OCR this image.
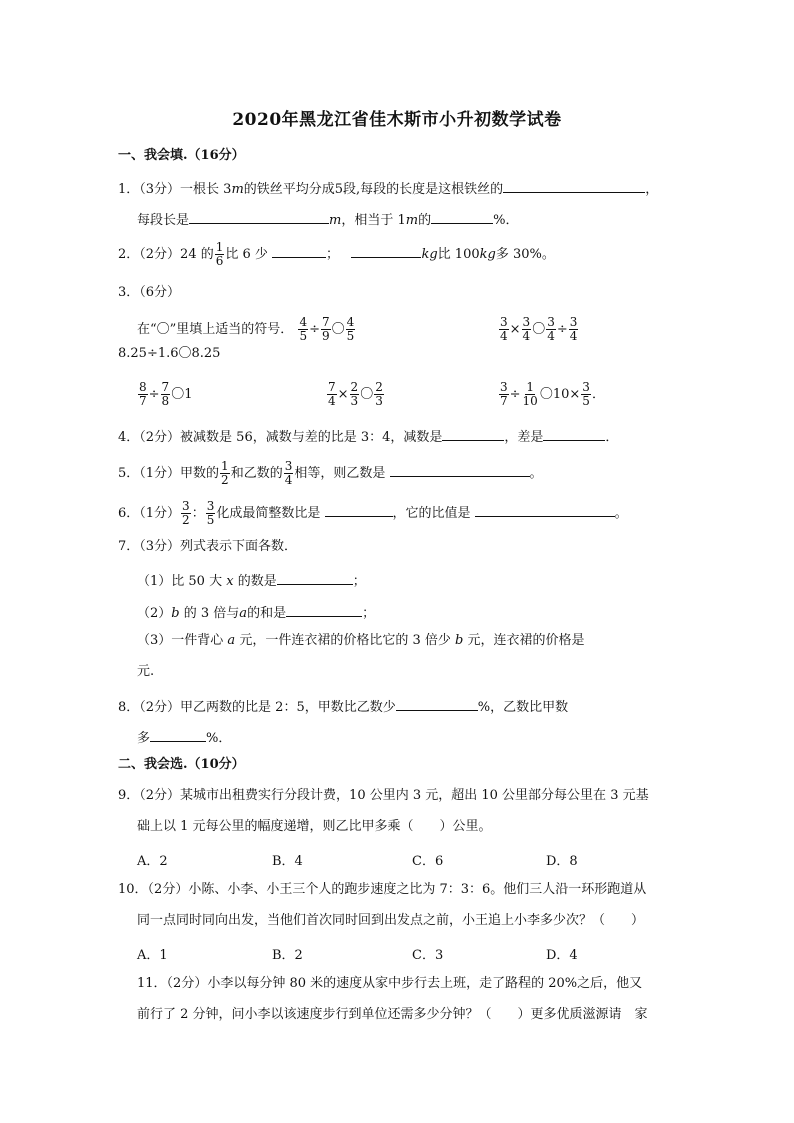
2020年黑龙江省佳木斯市小升初数学试卷
一、我会填.（16分）
1．（3分）一根长 3m的铁丝平均分成5段,每段的长度是这根铁丝的	，
每段长是	m，相当于 1m的	%．
2．（2分）24 的 $\frac{1}{6}$ 比 6 少	；	kg比 100kg多 30%。
3．（6分）
在“〇”里填上适当的符号． $\frac{4}{5} \div \frac{7}{9}$ 〇 $\frac{4}{5}$	$\frac{3}{4} \times \frac{3}{4}$ 〇 $\frac{3}{4} \div \frac{3}{4}$
8.25÷1.6〇8.25
$\frac{8}{7} \div \frac{7}{8}$ 〇1	$\frac{7}{4} \times \frac{2}{3}$ 〇 $\frac{2}{3}$	$\frac{3}{7} \div \frac{1}{10}$ 〇$10\times \frac{3}{5}$ ．
4．（2分）被减数是 56，减数与差的比是 3：4，减数是	，差是	．
5．（1分）甲数的 $\frac{1}{2}$ 和乙数的 $\frac{3}{4}$ 相等，则乙数是	。
6．（1分） $\frac{3}{2}$ ： $\frac{3}{5}$ 化成最简整数比是	，它的比值是	。
7．（3分）列式表示下面各数．
（1）比 50 大 x 的数是	；
（2）b 的 3 倍与a的和是	；
（3）一件背心 a 元，一件连衣裙的价格比它的 3 倍少 b 元，连衣裙的价格是
元.
8．（2分）甲乙两数的比是 2：5，甲数比乙数少	%，乙数比甲数
多	%．
二、我会选.（10分）
9．（2分）某城市出租费实行分段计费，10 公里内 3 元，超出 10 公里部分每公里在 3 元基
础上以 1 元每公里的幅度递增，则乙比甲多乘（　　）公里。
A．2	B．4	C．6	D．8
10．（2分）小陈、小李、小王三个人的跑步速度之比为 7：3：6。他们三人沿一环形跑道从
同一点同时同向出发，当他们首次同时回到出发点之前，小王追上小李多少次？（　　）
A．1	B．2	C．3	D．4
11．（2分）小李以每分钟 80 米的速度从家中步行去上班，走了路程的 20%之后，他又
前行了 2 分钟，问小李以该速度步行到单位还需多少分钟？（　　）更多优质滋源请　家
